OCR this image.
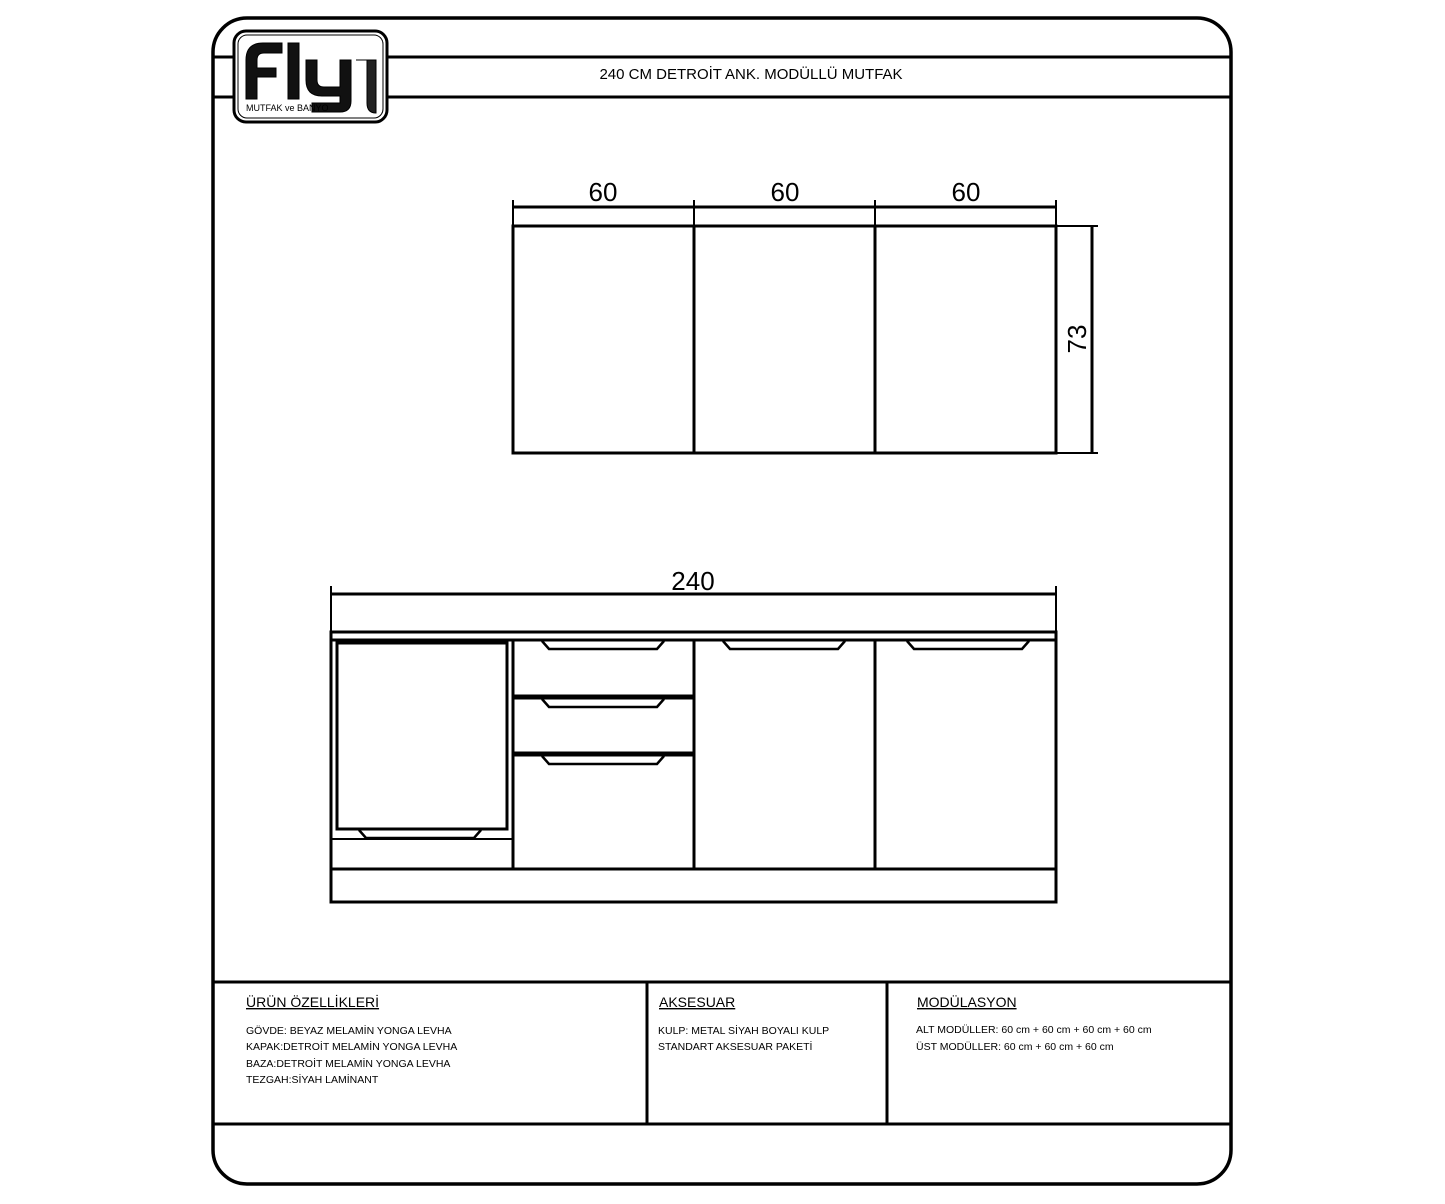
MUTFAK ve BANYO
FLY
240 CM DETROİT ANK. MODÜLLÜ MUTFAK
60	60	60
73
240
ÜRÜN ÖZELLİKLERİ
GÖVDE: BEYAZ MELAMİN YONGA LEVHA
KAPAK:DETROİT MELAMİN YONGA LEVHA
BAZA:DETROİT MELAMİN YONGA LEVHA
TEZGAH:SİYAH LAMİNANT
AKSESUAR
KULP: METAL SİYAH BOYALI KULP
STANDART AKSESUAR PAKETİ
MODÜLASYON
ALT MODÜLLER: 60 cm + 60 cm + 60 cm + 60 cm
ÜST MODÜLLER: 60 cm + 60 cm + 60 cm
